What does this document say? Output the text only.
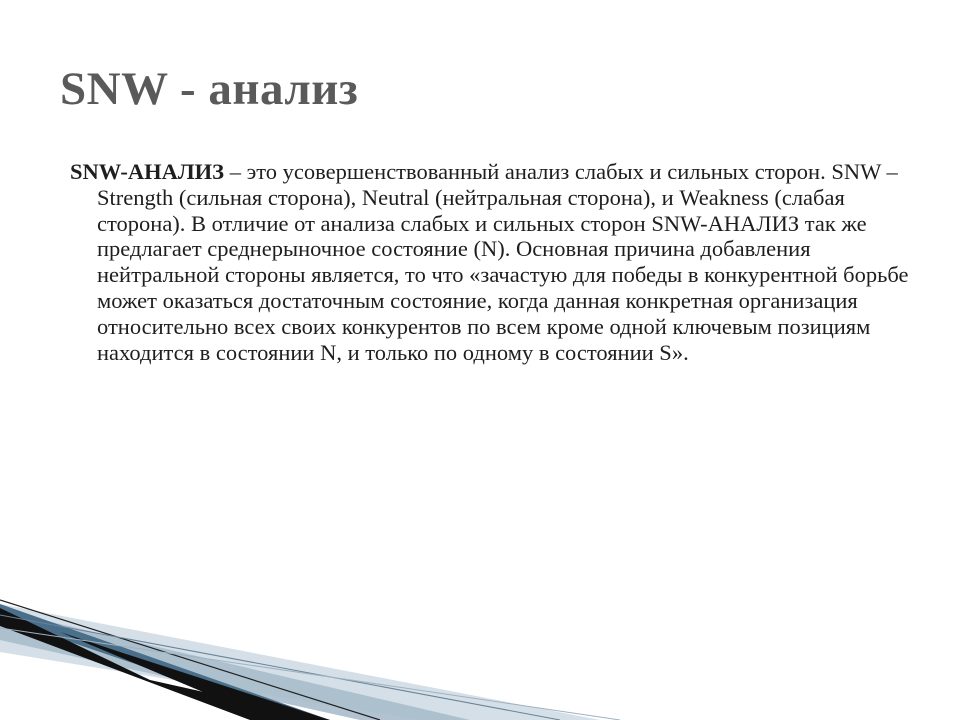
SNW - анализ

SNW-АНАЛИЗ – это усовершенствованный анализ слабых и сильных сторон. SNW – Strength (сильная сторона), Neutral (нейтральная сторона), и Weakness (слабая сторона). В отличие от анализа слабых и сильных сторон SNW-АНАЛИЗ так же предлагает среднерыночное состояние (N). Основная причина добавления нейтральной стороны является, то что «зачастую для победы в конкурентной борьбе может оказаться достаточным состояние, когда данная конкретная организация относительно всех своих конкурентов по всем кроме одной ключевым позициям находится в состоянии N, и только по одному в состоянии S».
